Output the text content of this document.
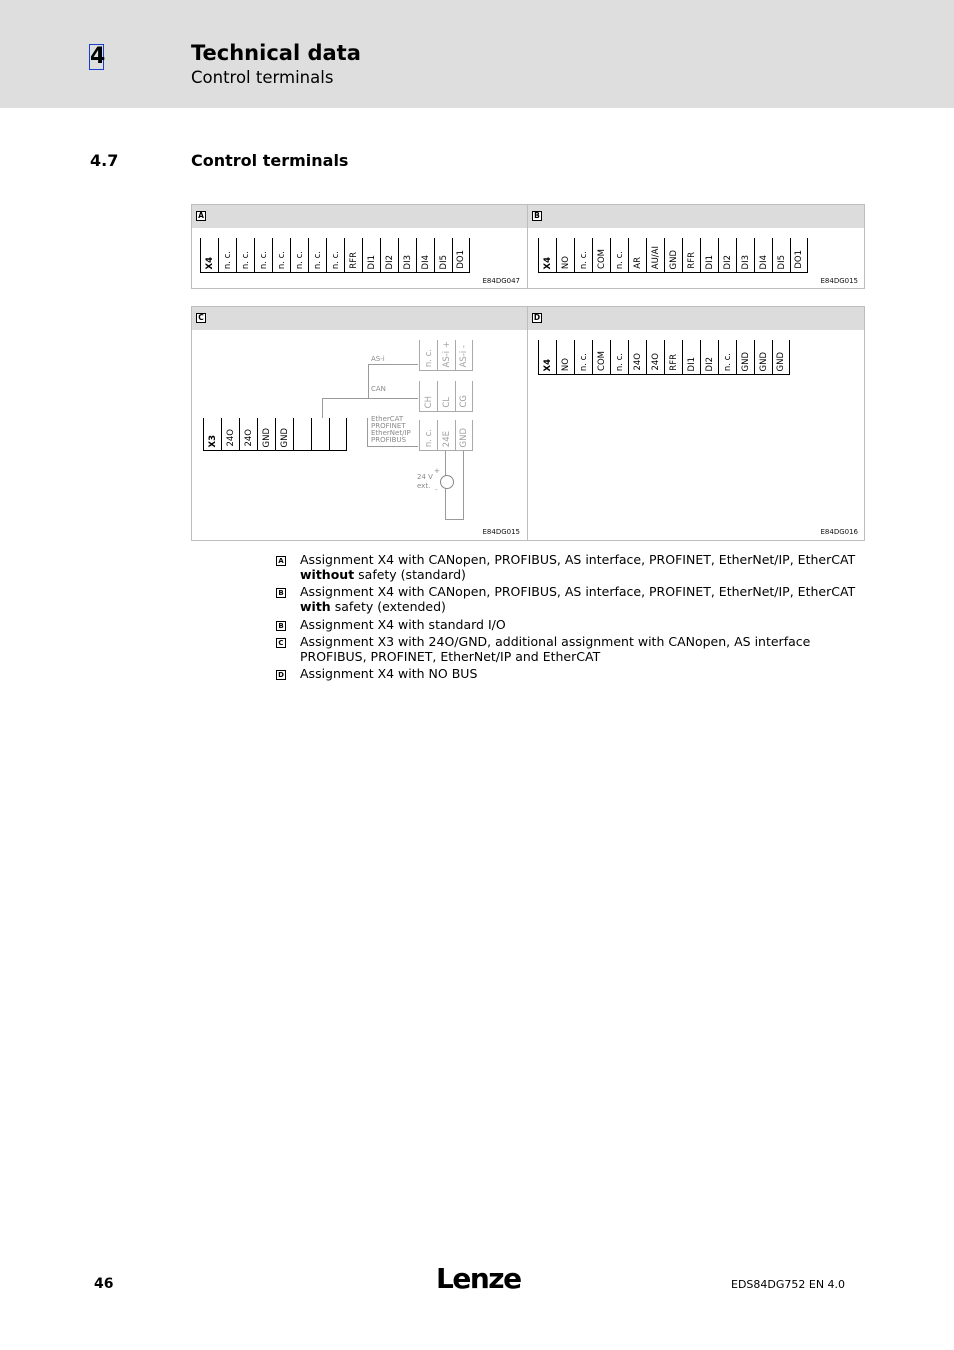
4	Technical data
Control terminals
4.7	Control terminals
A
X4 n. c. n. c. n. c. n. c. n. c. n. c. n. c. RFR DI1 DI2 DI3 DI4 DI5 DO1
E84DG047
B
X4 NO n. c. COM n. c. AR AU/AI GND RFR DI1 DI2 DI3 DI4 DI5 DO1
E84DG015
C
AS-i
CAN
EtherCAT
PROFINET
EtherNet/IP
PROFIBUS
n. c. AS-i + AS-i -
CH CL CG
n. c. 24E GND
X3 24O 24O GND GND
24 V
ext.
+
-
E84DG015
D
X4 NO n. c. COM n. c. 24O 24O RFR DI1 DI2 n. c. GND GND GND
E84DG016
A Assignment X4 with CANopen, PROFIBUS, AS interface, PROFINET, EtherNet/IP, EtherCAT without safety (standard)
B Assignment X4 with CANopen, PROFIBUS, AS interface, PROFINET, EtherNet/IP, EtherCAT with safety (extended)
B Assignment X4 with standard I/O
C Assignment X3 with 24O/GND, additional assignment with CANopen, AS interface PROFIBUS, PROFINET, EtherNet/IP and EtherCAT
D Assignment X4 with NO BUS
46	Lenze	EDS84DG752 EN 4.0
